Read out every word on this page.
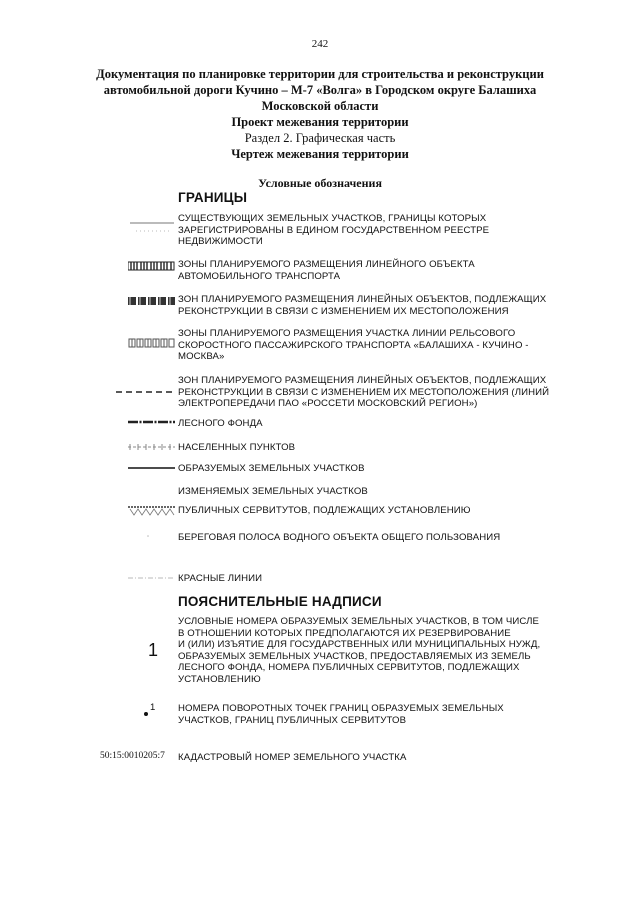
242
Документация по планировке территории для строительства и реконструкции
автомобильной дороги Кучино – М-7 «Волга» в Городском округе Балашиха
Московской области
Проект межевания территории
Раздел 2. Графическая часть
Чертеж межевания территории
Условные обозначения
ГРАНИЦЫ
СУЩЕСТВУЮЩИХ ЗЕМЕЛЬНЫХ УЧАСТКОВ, ГРАНИЦЫ КОТОРЫХ
ЗАРЕГИСТРИРОВАНЫ В ЕДИНОМ ГОСУДАРСТВЕННОМ РЕЕСТРЕ
НЕДВИЖИМОСТИ
ЗОНЫ ПЛАНИРУЕМОГО РАЗМЕЩЕНИЯ ЛИНЕЙНОГО ОБЪЕКТА
АВТОМОБИЛЬНОГО ТРАНСПОРТА
ЗОН ПЛАНИРУЕМОГО РАЗМЕЩЕНИЯ ЛИНЕЙНЫХ ОБЪЕКТОВ, ПОДЛЕЖАЩИХ
РЕКОНСТРУКЦИИ В СВЯЗИ С ИЗМЕНЕНИЕМ ИХ МЕСТОПОЛОЖЕНИЯ
ЗОНЫ ПЛАНИРУЕМОГО РАЗМЕЩЕНИЯ УЧАСТКА ЛИНИИ РЕЛЬСОВОГО
СКОРОСТНОГО ПАССАЖИРСКОГО ТРАНСПОРТА «БАЛАШИХА - КУЧИНО -
МОСКВА»
ЗОН ПЛАНИРУЕМОГО РАЗМЕЩЕНИЯ ЛИНЕЙНЫХ ОБЪЕКТОВ, ПОДЛЕЖАЩИХ
РЕКОНСТРУКЦИИ В СВЯЗИ С ИЗМЕНЕНИЕМ ИХ МЕСТОПОЛОЖЕНИЯ (ЛИНИЙ
ЭЛЕКТРОПЕРЕДАЧИ ПАО «РОССЕТИ МОСКОВСКИЙ РЕГИОН»)
ЛЕСНОГО ФОНДА
НАСЕЛЕННЫХ ПУНКТОВ
ОБРАЗУЕМЫХ ЗЕМЕЛЬНЫХ УЧАСТКОВ
ИЗМЕНЯЕМЫХ ЗЕМЕЛЬНЫХ УЧАСТКОВ
ПУБЛИЧНЫХ СЕРВИТУТОВ, ПОДЛЕЖАЩИХ УСТАНОВЛЕНИЮ
БЕРЕГОВАЯ ПОЛОСА ВОДНОГО ОБЪЕКТА ОБЩЕГО ПОЛЬЗОВАНИЯ
КРАСНЫЕ ЛИНИИ
ПОЯСНИТЕЛЬНЫЕ НАДПИСИ
1
УСЛОВНЫЕ НОМЕРА ОБРАЗУЕМЫХ ЗЕМЕЛЬНЫХ УЧАСТКОВ, В ТОМ ЧИСЛЕ
В ОТНОШЕНИИ КОТОРЫХ ПРЕДПОЛАГАЮТСЯ ИХ РЕЗЕРВИРОВАНИЕ
И (ИЛИ) ИЗЪЯТИЕ ДЛЯ ГОСУДАРСТВЕННЫХ ИЛИ МУНИЦИПАЛЬНЫХ НУЖД,
ОБРАЗУЕМЫХ ЗЕМЕЛЬНЫХ УЧАСТКОВ, ПРЕДОСТАВЛЯЕМЫХ ИЗ ЗЕМЕЛЬ
ЛЕСНОГО ФОНДА, НОМЕРА ПУБЛИЧНЫХ СЕРВИТУТОВ, ПОДЛЕЖАЩИХ
УСТАНОВЛЕНИЮ
1 НОМЕРА ПОВОРОТНЫХ ТОЧЕК ГРАНИЦ ОБРАЗУЕМЫХ ЗЕМЕЛЬНЫХ
УЧАСТКОВ, ГРАНИЦ ПУБЛИЧНЫХ СЕРВИТУТОВ
50:15:0010205:7 КАДАСТРОВЫЙ НОМЕР ЗЕМЕЛЬНОГО УЧАСТКА
